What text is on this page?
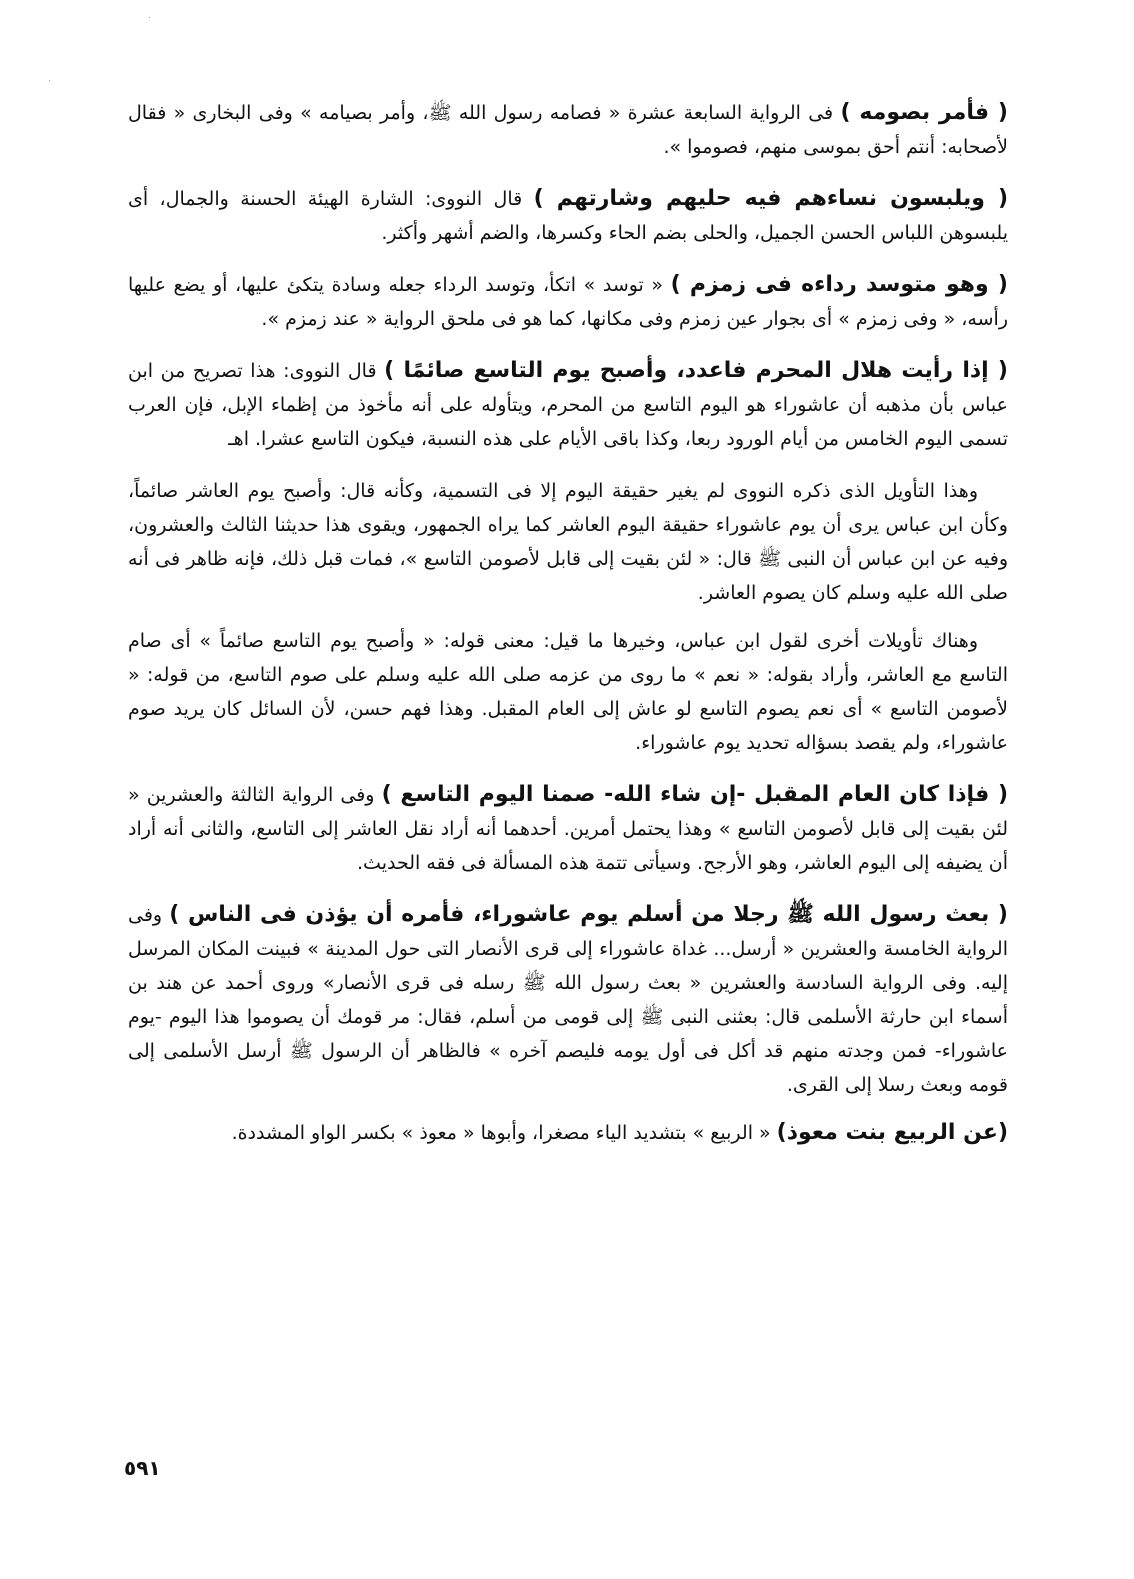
( فأمر بصومه ) فى الرواية السابعة عشرة « فصامه رسول الله ﷺ، وأمر بصيامه » وفى البخارى « فقال لأصحابه: أنتم أحق بموسى منهم، فصوموا ».

( ويلبسون نساءهم فيه حليهم وشارتهم ) قال النووى: الشارة الهيئة الحسنة والجمال، أى يلبسوهن اللباس الحسن الجميل، والحلى بضم الحاء وكسرها، والضم أشهر وأكثر.

( وهو متوسد رداءه فى زمزم ) « توسد » اتكأ، وتوسد الرداء جعله وسادة يتكئ عليها، أو يضع عليها رأسه، « وفى زمزم » أى بجوار عين زمزم وفى مكانها، كما هو فى ملحق الرواية « عند زمزم ».

( إذا رأيت هلال المحرم فاعدد، وأصبح يوم التاسع صائمًا ) قال النووى: هذا تصريح من ابن عباس بأن مذهبه أن عاشوراء هو اليوم التاسع من المحرم، ويتأوله على أنه مأخوذ من إظماء الإبل، فإن العرب تسمى اليوم الخامس من أيام الورود ربعا، وكذا باقى الأيام على هذه النسبة، فيكون التاسع عشرا. اهـ

وهذا التأويل الذى ذكره النووى لم يغير حقيقة اليوم إلا فى التسمية، وكأنه قال: وأصبح يوم العاشر صائماً، وكأن ابن عباس يرى أن يوم عاشوراء حقيقة اليوم العاشر كما يراه الجمهور، ويقوى هذا حديثنا الثالث والعشرون، وفيه عن ابن عباس أن النبى ﷺ قال: « لئن بقيت إلى قابل لأصومن التاسع »، فمات قبل ذلك، فإنه ظاهر فى أنه صلى الله عليه وسلم كان يصوم العاشر.

وهناك تأويلات أخرى لقول ابن عباس، وخيرها ما قيل: معنى قوله: « وأصبح يوم التاسع صائماً » أى صام التاسع مع العاشر، وأراد بقوله: « نعم » ما روى من عزمه صلى الله عليه وسلم على صوم التاسع، من قوله: « لأصومن التاسع » أى نعم يصوم التاسع لو عاش إلى العام المقبل. وهذا فهم حسن، لأن السائل كان يريد صوم عاشوراء، ولم يقصد بسؤاله تحديد يوم عاشوراء.

( فإذا كان العام المقبل -إن شاء الله- صمنا اليوم التاسع ) وفى الرواية الثالثة والعشرين « لئن بقيت إلى قابل لأصومن التاسع » وهذا يحتمل أمرين. أحدهما أنه أراد نقل العاشر إلى التاسع، والثانى أنه أراد أن يضيفه إلى اليوم العاشر، وهو الأرجح. وسيأتى تتمة هذه المسألة فى فقه الحديث.

( بعث رسول الله ﷺ رجلا من أسلم يوم عاشوراء، فأمره أن يؤذن فى الناس ) وفى الرواية الخامسة والعشرين « أرسل... غداة عاشوراء إلى قرى الأنصار التى حول المدينة » فبينت المكان المرسل إليه. وفى الرواية السادسة والعشرين « بعث رسول الله ﷺ رسله فى قرى الأنصار» وروى أحمد عن هند بن أسماء ابن حارثة الأسلمى قال: بعثنى النبى ﷺ إلى قومى من أسلم، فقال: مر قومك أن يصوموا هذا اليوم -يوم عاشوراء- فمن وجدته منهم قد أكل فى أول يومه فليصم آخره » فالظاهر أن الرسول ﷺ أرسل الأسلمى إلى قومه وبعث رسلا إلى القرى.

(عن الربيع بنت معوذ) « الربيع » بتشديد الياء مصغرا، وأبوها « معوذ » بكسر الواو المشددة.

٥٩١
